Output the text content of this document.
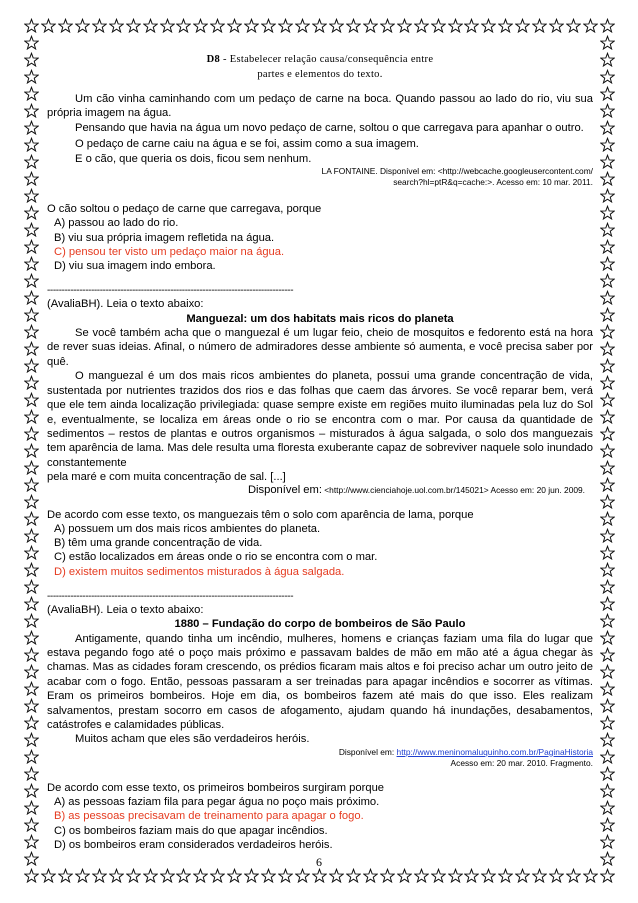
D8 - Estabelecer relação causa/consequência entre
partes e elementos do texto.

Um cão vinha caminhando com um pedaço de carne na boca. Quando passou ao lado do rio, viu sua própria imagem na água.

Pensando que havia na água um novo pedaço de carne, soltou o que carregava para apanhar o outro.

O pedaço de carne caiu na água e se foi, assim como a sua imagem.

E o cão, que queria os dois, ficou sem nenhum.

LA FONTAINE. Disponível em: <http://webcache.googleusercontent.com/
search?hl=ptR&q=cache:>. Acesso em: 10 mar. 2011.

O cão soltou o pedaço de carne que carregava, porque

A) passou ao lado do rio.
B) viu sua própria imagem refletida na água.
C) pensou ter visto um pedaço maior na água.
D) viu sua imagem indo embora.
------------------------------------------------------------------------------------

(AvaliaBH). Leia o texto abaixo:

Manguezal: um dos habitats mais ricos do planeta

Se você também acha que o manguezal é um lugar feio, cheio de mosquitos e fedorento está na hora de rever suas ideias. Afinal, o número de admiradores desse ambiente só aumenta, e você precisa saber por quê.

O manguezal é um dos mais ricos ambientes do planeta, possui uma grande concentração de vida, sustentada por nutrientes trazidos dos rios e das folhas que caem das árvores. Se você reparar bem, verá que ele tem ainda localização privilegiada: quase sempre existe em regiões muito iluminadas pela luz do Sol e, eventualmente, se localiza em áreas onde o rio se encontra com o mar. Por causa da quantidade de sedimentos – restos de plantas e outros organismos – misturados à água salgada, o solo dos manguezais tem aparência de lama. Mas dele resulta uma floresta exuberante capaz de sobreviver naquele solo inundado constantemente

pela maré e com muita concentração de sal. [...]

Disponível em: <http://www.cienciahoje.uol.com.br/145021> Acesso em: 20 jun. 2009.

De acordo com esse texto, os manguezais têm o solo com aparência de lama, porque

A) possuem um dos mais ricos ambientes do planeta.
B) têm uma grande concentração de vida.
C) estão localizados em áreas onde o rio se encontra com o mar.
D) existem muitos sedimentos misturados à água salgada.
------------------------------------------------------------------------------------

(AvaliaBH). Leia o texto abaixo:

1880 – Fundação do corpo de bombeiros de São Paulo

Antigamente, quando tinha um incêndio, mulheres, homens e crianças faziam uma fila do lugar que estava pegando fogo até o poço mais próximo e passavam baldes de mão em mão até a água chegar às chamas. Mas as cidades foram crescendo, os prédios ficaram mais altos e foi preciso achar um outro jeito de acabar com o fogo. Então, pessoas passaram a ser treinadas para apagar incêndios e socorrer as vítimas. Eram os primeiros bombeiros. Hoje em dia, os bombeiros fazem até mais do que isso. Eles realizam salvamentos, prestam socorro em casos de afogamento, ajudam quando há inundações, desabamentos, catástrofes e calamidades públicas.

Muitos acham que eles são verdadeiros heróis.

Disponível em: http://www.meninomaluquinho.com.br/PaginaHistoria
Acesso em: 20 mar. 2010. Fragmento.

De acordo com esse texto, os primeiros bombeiros surgiram porque

A) as pessoas faziam fila para pegar água no poço mais próximo.
B) as pessoas precisavam de treinamento para apagar o fogo.
C) os bombeiros faziam mais do que apagar incêndios.
D) os bombeiros eram considerados verdadeiros heróis.
6
